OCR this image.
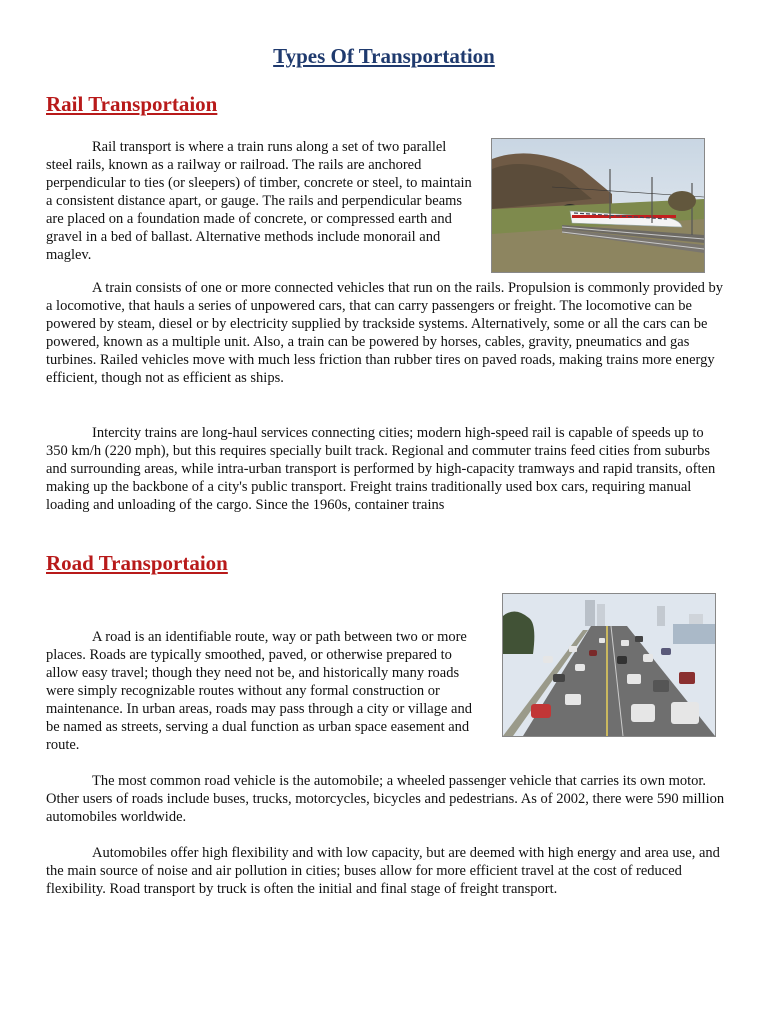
Types Of Transportation
Rail Transportaion

Rail transport is where a train runs along a set of two parallel steel rails, known as a railway or railroad. The rails are anchored perpendicular to ties (or sleepers) of timber, concrete or steel, to maintain a consistent distance apart, or gauge. The rails and perpendicular beams are placed on a foundation made of concrete, or compressed earth and gravel in a bed of ballast. Alternative methods include monorail and maglev.

A train consists of one or more connected vehicles that run on the rails. Propulsion is commonly provided by a locomotive, that hauls a series of unpowered cars, that can carry passengers or freight. The locomotive can be powered by steam, diesel or by electricity supplied by trackside systems. Alternatively, some or all the cars can be powered, known as a multiple unit. Also, a train can be powered by horses, cables, gravity, pneumatics and gas turbines. Railed vehicles move with much less friction than rubber tires on paved roads, making trains more energy efficient, though not as efficient as ships.

Intercity trains are long-haul services connecting cities; modern high-speed rail is capable of speeds up to 350 km/h (220 mph), but this requires specially built track. Regional and commuter trains feed cities from suburbs and surrounding areas, while intra-urban transport is performed by high-capacity tramways and rapid transits, often making up the backbone of a city's public transport. Freight trains traditionally used box cars, requiring manual loading and unloading of the cargo. Since the 1960s, container trains

Road Transportaion

A road is an identifiable route, way or path between two or more places. Roads are typically smoothed, paved, or otherwise prepared to allow easy travel; though they need not be, and historically many roads were simply recognizable routes without any formal construction or maintenance. In urban areas, roads may pass through a city or village and be named as streets, serving a dual function as urban space easement and route.

The most common road vehicle is the automobile; a wheeled passenger vehicle that carries its own motor. Other users of roads include buses, trucks, motorcycles, bicycles and pedestrians. As of 2002, there were 590 million automobiles worldwide.

Automobiles offer high flexibility and with low capacity, but are deemed with high energy and area use, and the main source of noise and air pollution in cities; buses allow for more efficient travel at the cost of reduced flexibility. Road transport by truck is often the initial and final stage of freight transport.
